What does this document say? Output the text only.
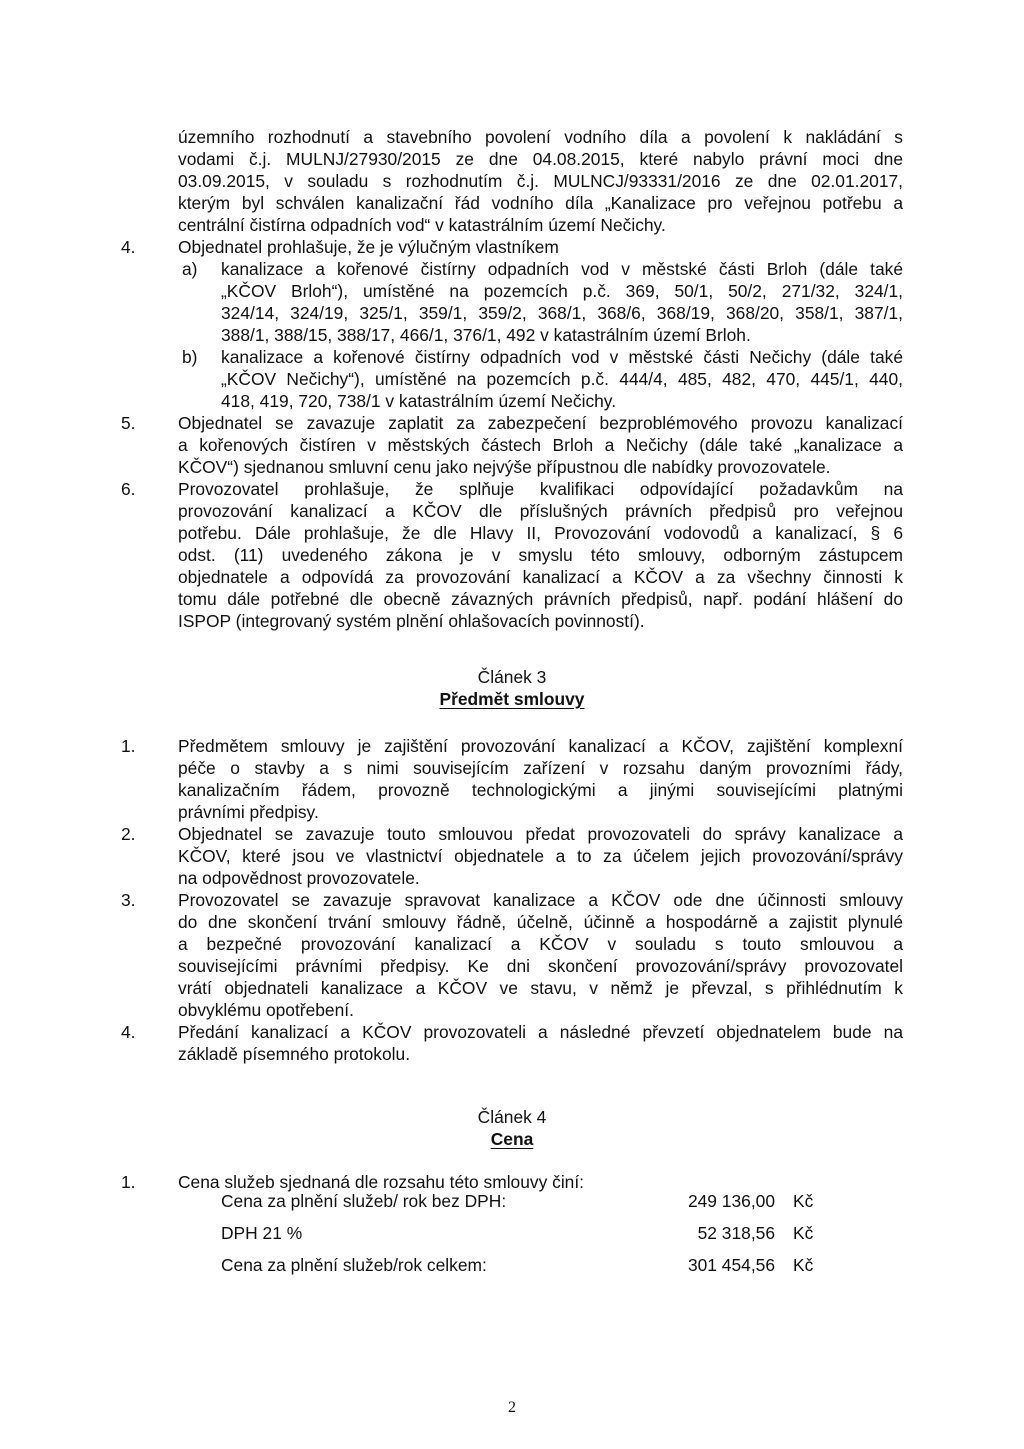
územního rozhodnutí a stavebního povolení vodního díla a povolení k nakládání s
vodami č.j. MULNJ/27930/2015 ze dne 04.08.2015, které nabylo právní moci dne
03.09.2015, v souladu s rozhodnutím č.j. MULNCJ/93331/2016 ze dne 02.01.2017,
kterým byl schválen kanalizační řád vodního díla „Kanalizace pro veřejnou potřebu a
centrální čistírna odpadních vod“ v katastrálním území Nečichy.
4. Objednatel prohlašuje, že je výlučným vlastníkem
a) kanalizace a kořenové čistírny odpadních vod v městské části Brloh (dále také
„KČOV Brloh“), umístěné na pozemcích p.č. 369, 50/1, 50/2, 271/32, 324/1,
324/14, 324/19, 325/1, 359/1, 359/2, 368/1, 368/6, 368/19, 368/20, 358/1, 387/1,
388/1, 388/15, 388/17, 466/1, 376/1, 492 v katastrálním území Brloh.
b) kanalizace a kořenové čistírny odpadních vod v městské části Nečichy (dále také
„KČOV Nečichy“), umístěné na pozemcích p.č. 444/4, 485, 482, 470, 445/1, 440,
418, 419, 720, 738/1 v katastrálním území Nečichy.
5. Objednatel se zavazuje zaplatit za zabezpečení bezproblémového provozu kanalizací
a kořenových čistíren v městských částech Brloh a Nečichy (dále také „kanalizace a
KČOV“) sjednanou smluvní cenu jako nejvýše přípustnou dle nabídky provozovatele.
6. Provozovatel prohlašuje, že splňuje kvalifikaci odpovídající požadavkům na
provozování kanalizací a KČOV dle příslušných právních předpisů pro veřejnou
potřebu. Dále prohlašuje, že dle Hlavy II, Provozování vodovodů a kanalizací, § 6
odst. (11) uvedeného zákona je v smyslu této smlouvy, odborným zástupcem
objednatele a odpovídá za provozování kanalizací a KČOV a za všechny činnosti k
tomu dále potřebné dle obecně závazných právních předpisů, např. podání hlášení do
ISPOP (integrovaný systém plnění ohlašovacích povinností).
Článek 3
Předmět smlouvy
1. Předmětem smlouvy je zajištění provozování kanalizací a KČOV, zajištění komplexní
péče o stavby a s nimi souvisejícím zařízení v rozsahu daným provozními řády,
kanalizačním řádem, provozně technologickými a jinými souvisejícími platnými
právními předpisy.
2. Objednatel se zavazuje touto smlouvou předat provozovateli do správy kanalizace a
KČOV, které jsou ve vlastnictví objednatele a to za účelem jejich provozování/správy
na odpovědnost provozovatele.
3. Provozovatel se zavazuje spravovat kanalizace a KČOV ode dne účinnosti smlouvy
do dne skončení trvání smlouvy řádně, účelně, účinně a hospodárně a zajistit plynulé
a bezpečné provozování kanalizací a KČOV v souladu s touto smlouvou a
souvisejícími právními předpisy. Ke dni skončení provozování/správy provozovatel
vrátí objednateli kanalizace a KČOV ve stavu, v němž je převzal, s přihlédnutím k
obvyklému opotřebení.
4. Předání kanalizací a KČOV provozovateli a následné převzetí objednatelem bude na
základě písemného protokolu.
Článek 4
Cena
1. Cena služeb sjednaná dle rozsahu této smlouvy činí:
Cena za plnění služeb/ rok bez DPH:	249 136,00 Kč
DPH 21 %	52 318,56 Kč
Cena za plnění služeb/rok celkem:	301 454,56 Kč
2
